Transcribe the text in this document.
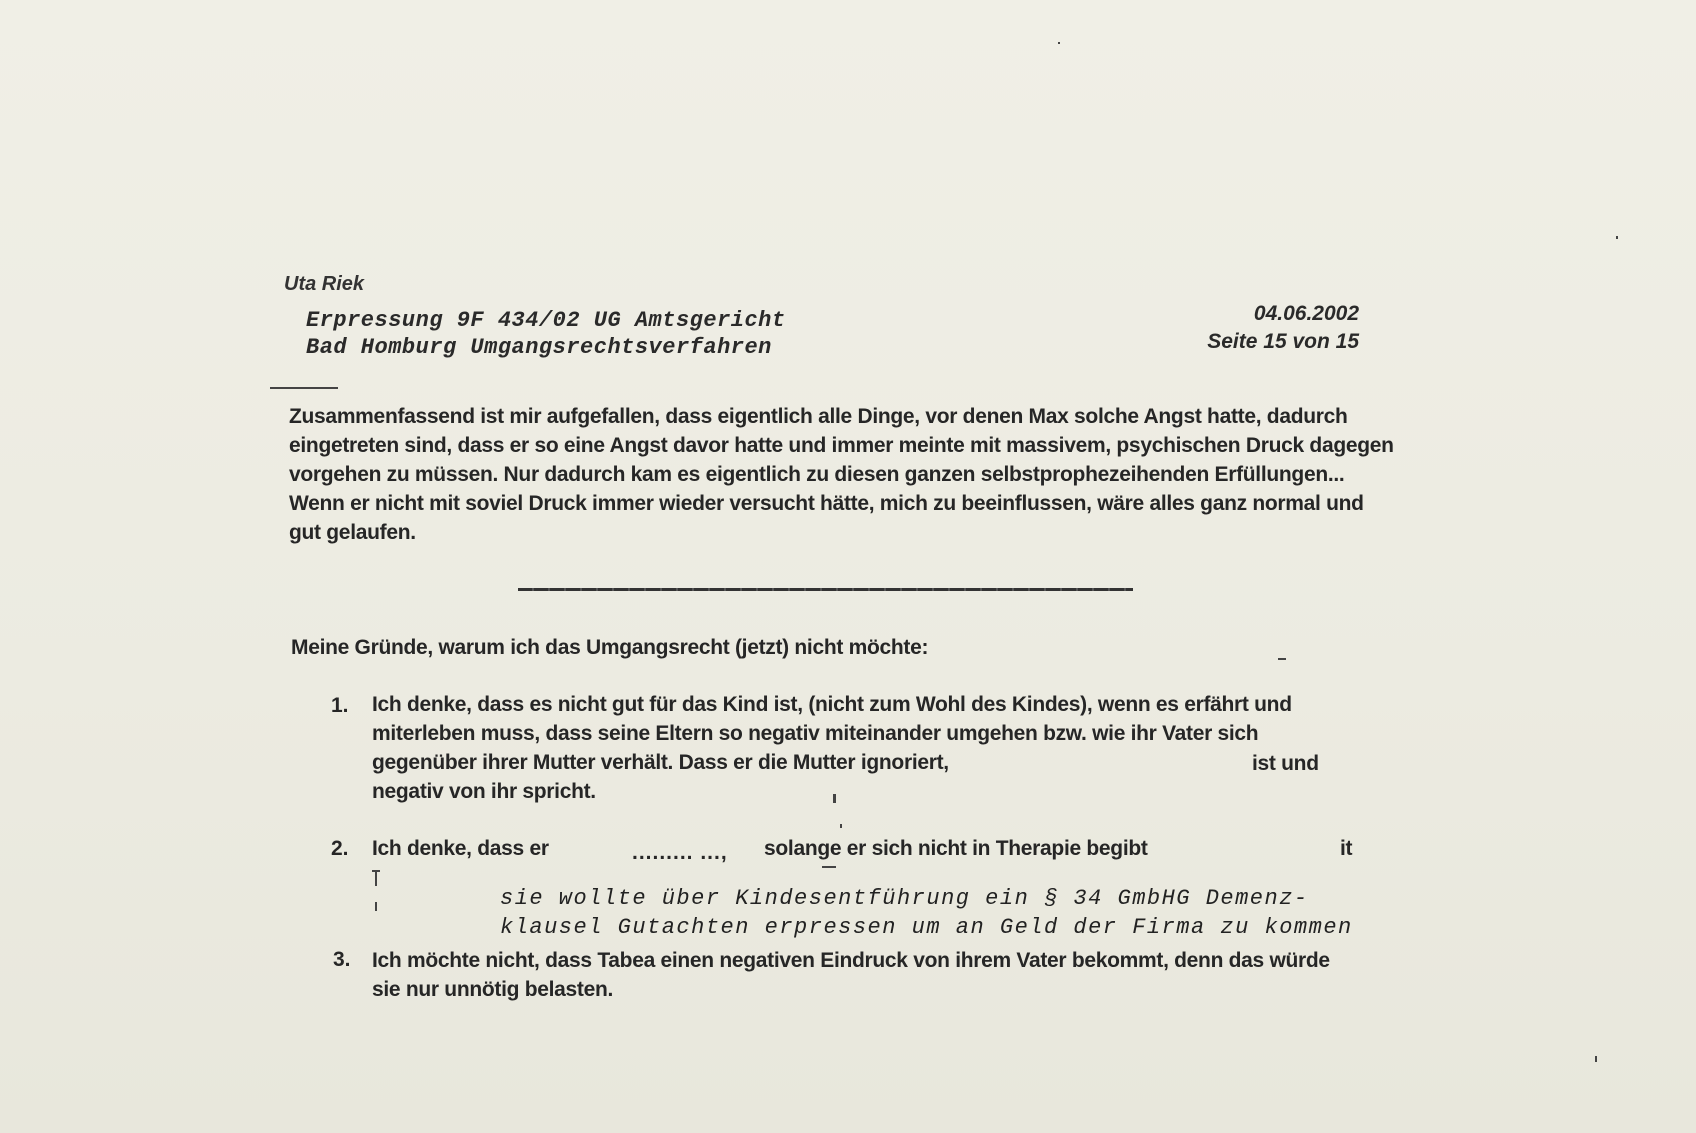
Uta Riek
Erpressung 9F 434/02 UG Amtsgericht
Bad Homburg Umgangsrechtsverfahren
04.06.2002
Seite 15 von 15
Zusammenfassend ist mir aufgefallen, dass eigentlich alle Dinge, vor denen Max solche Angst hatte, dadurch eingetreten sind, dass er so eine Angst davor hatte und immer meinte mit massivem, psychischen Druck dagegen vorgehen zu müssen. Nur dadurch kam es eigentlich zu diesen ganzen selbstprophezeihenden Erfüllungen... Wenn er nicht mit soviel Druck immer wieder versucht hätte, mich zu beeinflussen, wäre alles ganz normal und gut gelaufen.
Meine Gründe, warum ich das Umgangsrecht (jetzt) nicht möchte:
1. Ich denke, dass es nicht gut für das Kind ist, (nicht zum Wohl des Kindes), wenn es erfährt und miterleben muss, dass seine Eltern so negativ miteinander umgehen bzw. wie ihr Vater sich gegenüber ihrer Mutter verhält. Dass er die Mutter ignoriert,
negativ von ihr spricht.
ist und
2. Ich denke, dass er	......... ..., solange er sich nicht in Therapie begibt	it
sie wollte über Kindesentführung ein § 34 GmbHG Demenz-
klausel Gutachten erpressen um an Geld der Firma zu kommen
3. Ich möchte nicht, dass Tabea einen negativen Eindruck von ihrem Vater bekommt, denn das würde sie nur unnötig belasten.
